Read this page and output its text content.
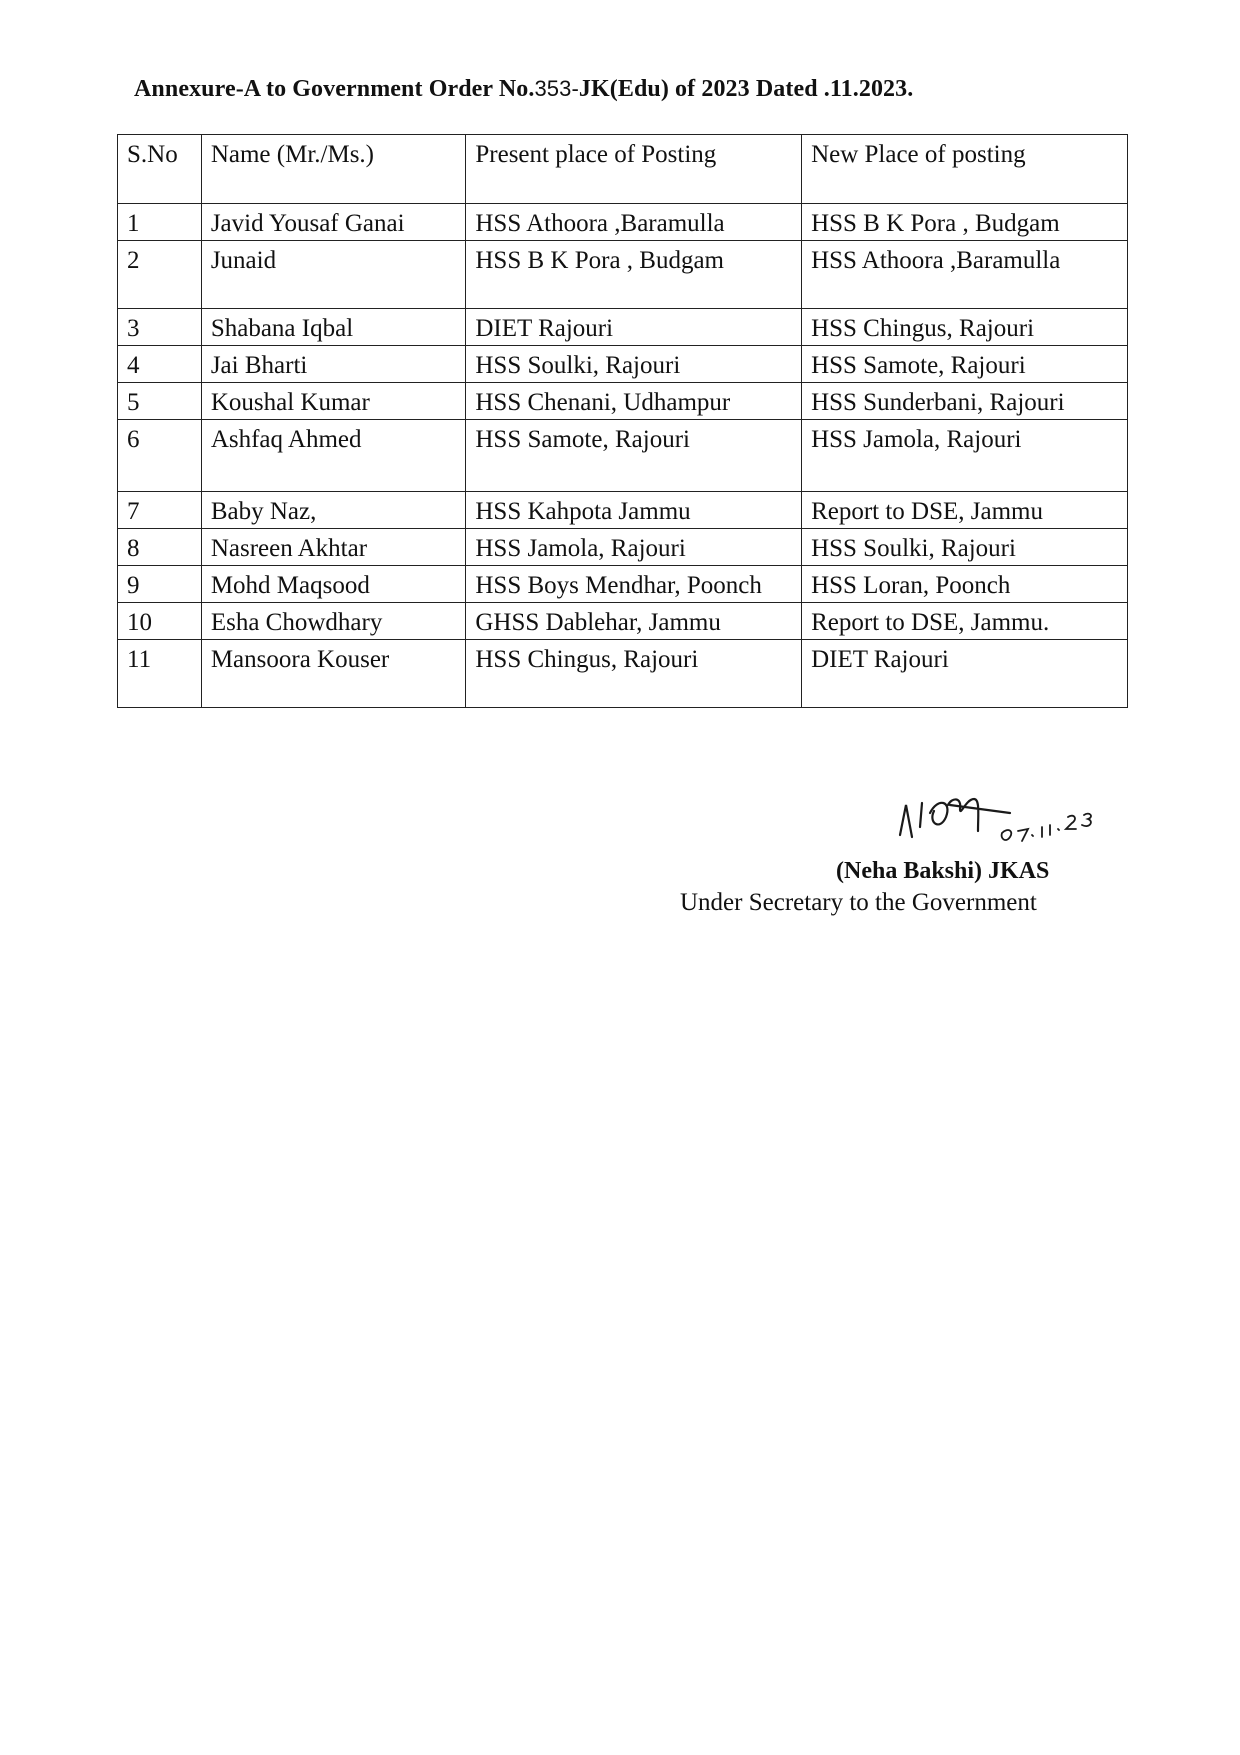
Annexure-A to Government Order No.353-JK(Edu) of 2023 Dated .11.2023.
S.No	Name (Mr./Ms.)	Present place of Posting	New Place of posting
1	Javid Yousaf Ganai	HSS Athoora ,Baramulla	HSS B K Pora , Budgam
2	Junaid	HSS B K Pora , Budgam	HSS Athoora ,Baramulla
3	Shabana Iqbal	DIET Rajouri	HSS Chingus, Rajouri
4	Jai Bharti	HSS Soulki, Rajouri	HSS Samote, Rajouri
5	Koushal Kumar	HSS Chenani, Udhampur	HSS Sunderbani, Rajouri
6	Ashfaq Ahmed	HSS Samote, Rajouri	HSS Jamola, Rajouri
7	Baby Naz,	HSS Kahpota Jammu	Report to DSE, Jammu
8	Nasreen Akhtar	HSS Jamola, Rajouri	HSS Soulki, Rajouri
9	Mohd Maqsood	HSS Boys Mendhar, Poonch	HSS Loran, Poonch
10	Esha Chowdhary	GHSS Dablehar, Jammu	Report to DSE, Jammu.
11	Mansoora Kouser	HSS Chingus, Rajouri	DIET Rajouri
(Neha Bakshi) JKAS
Under Secretary to the Government
